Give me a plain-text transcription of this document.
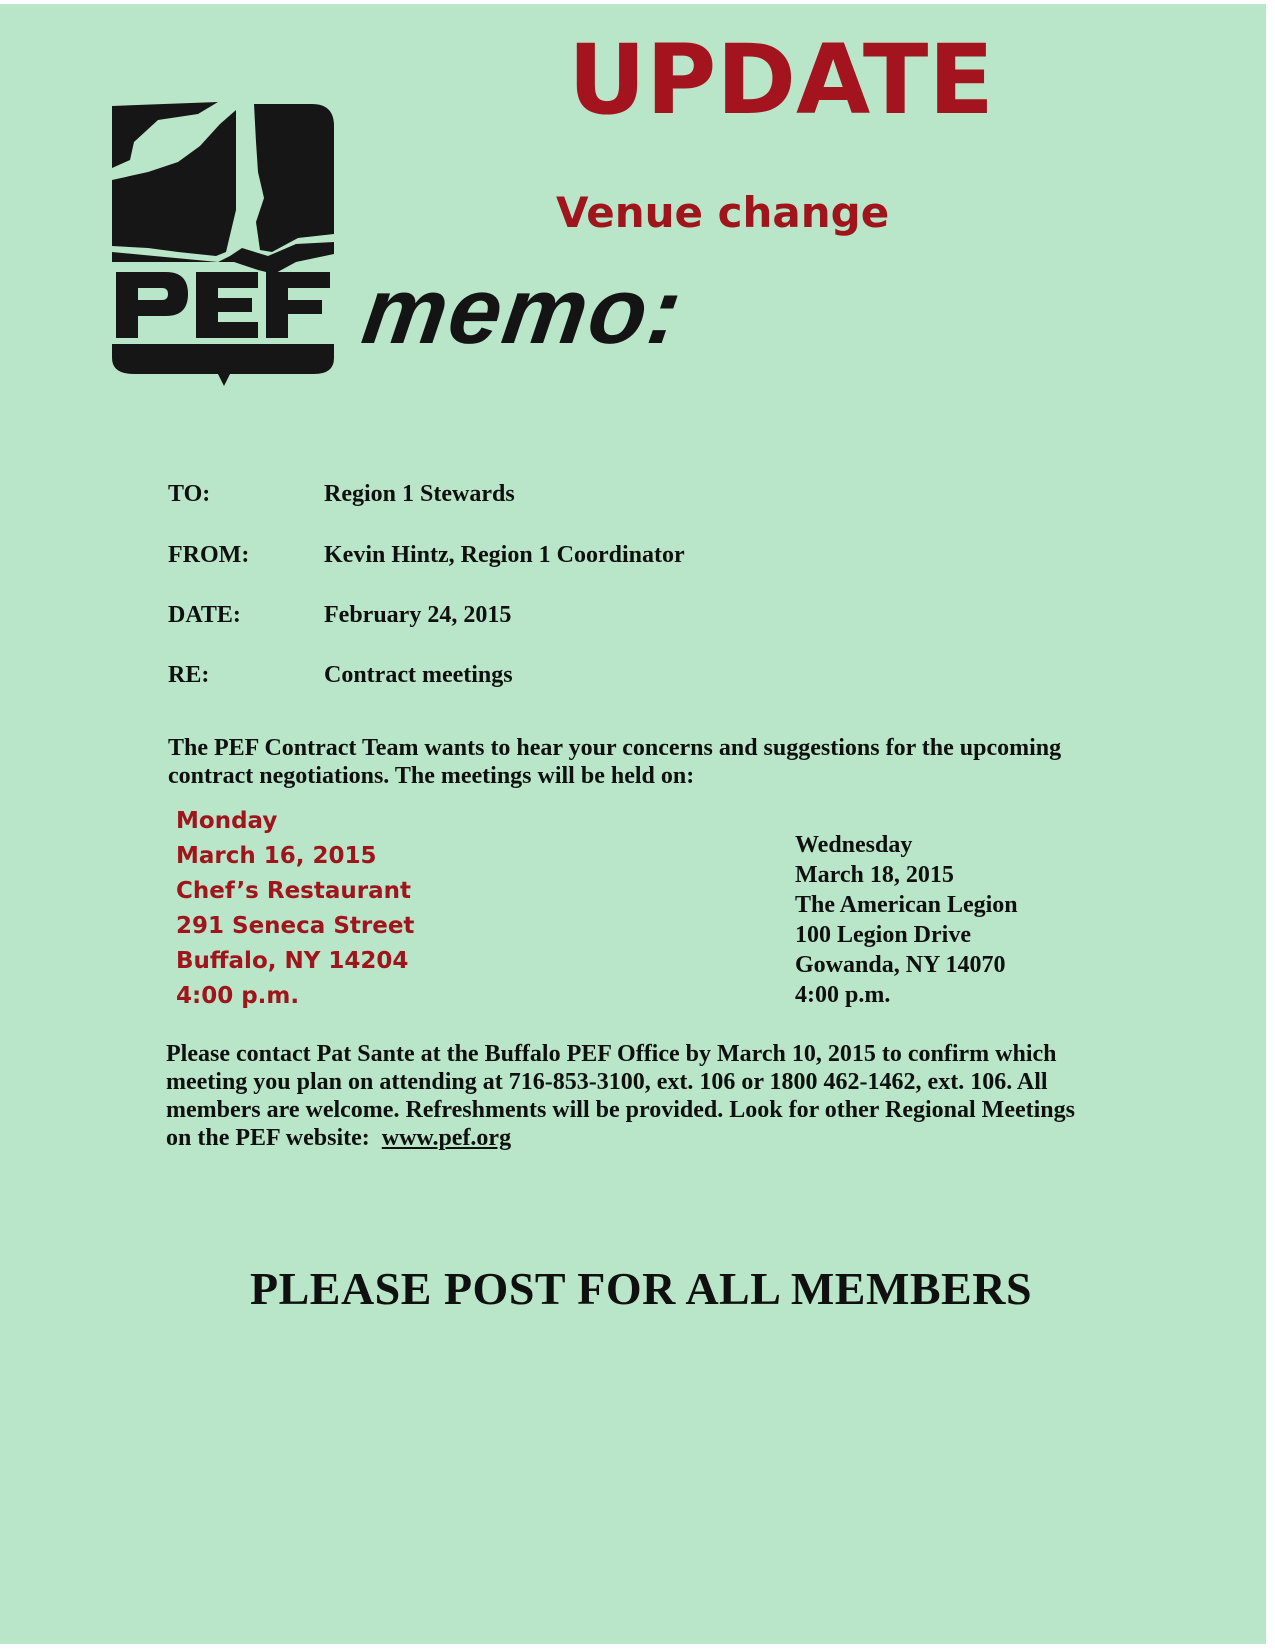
memo:
UPDATE
Venue change
TO:	Region 1 Stewards
FROM:	Kevin Hintz, Region 1 Coordinator
DATE:	February 24, 2015
RE:	Contract meetings
The PEF Contract Team wants to hear your concerns and suggestions for the upcoming
contract negotiations. The meetings will be held on:
Monday
March 16, 2015
Chef’s Restaurant
291 Seneca Street
Buffalo, NY 14204
4:00 p.m.
Wednesday
March 18, 2015
The American Legion
100 Legion Drive
Gowanda, NY 14070
4:00 p.m.
Please contact Pat Sante at the Buffalo PEF Office by March 10, 2015 to confirm which
meeting you plan on attending at 716-853-3100, ext. 106 or 1800 462-1462, ext. 106. All
members are welcome. Refreshments will be provided. Look for other Regional Meetings
on the PEF website:  www.pef.org
PLEASE POST FOR ALL MEMBERS
